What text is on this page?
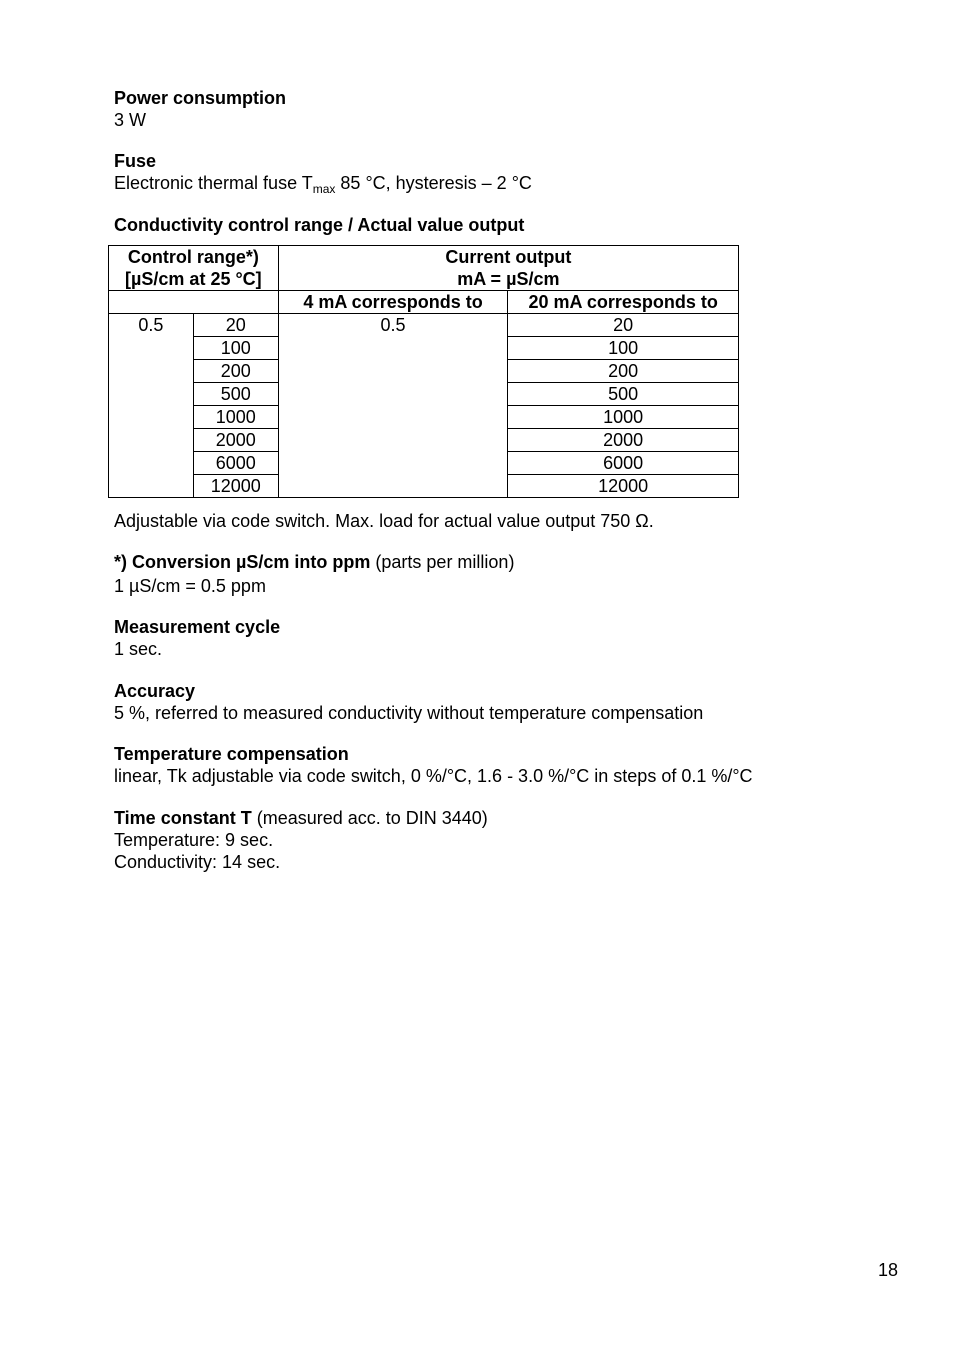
Power consumption
3 W
Fuse
Electronic thermal fuse $T_{max}$ 85 °C, hysteresis – 2 °C
Conductivity control range / Actual value output
Control range*)
[µS/cm at 25 °C]		Current output
mA = µS/cm	

		4 mA corresponds to	20 mA corresponds to
0.5	20	0.5	20
	100		100
	200		200
	500		500
	1000		1000
	2000		2000
	6000		6000
	12000		12000
Adjustable via code switch. Max. load for actual value output 750 Ω.
*) Conversion µS/cm into ppm (parts per million)
1 µS/cm = 0.5 ppm
Measurement cycle
1 sec.
Accuracy
5 %, referred to measured conductivity without temperature compensation
Temperature compensation
linear, Tk adjustable via code switch, 0 %/°C, 1.6 - 3.0 %/°C in steps of 0.1 %/°C
Time constant T (measured acc. to DIN 3440)
Temperature: 9 sec.
Conductivity: 14 sec.
18
